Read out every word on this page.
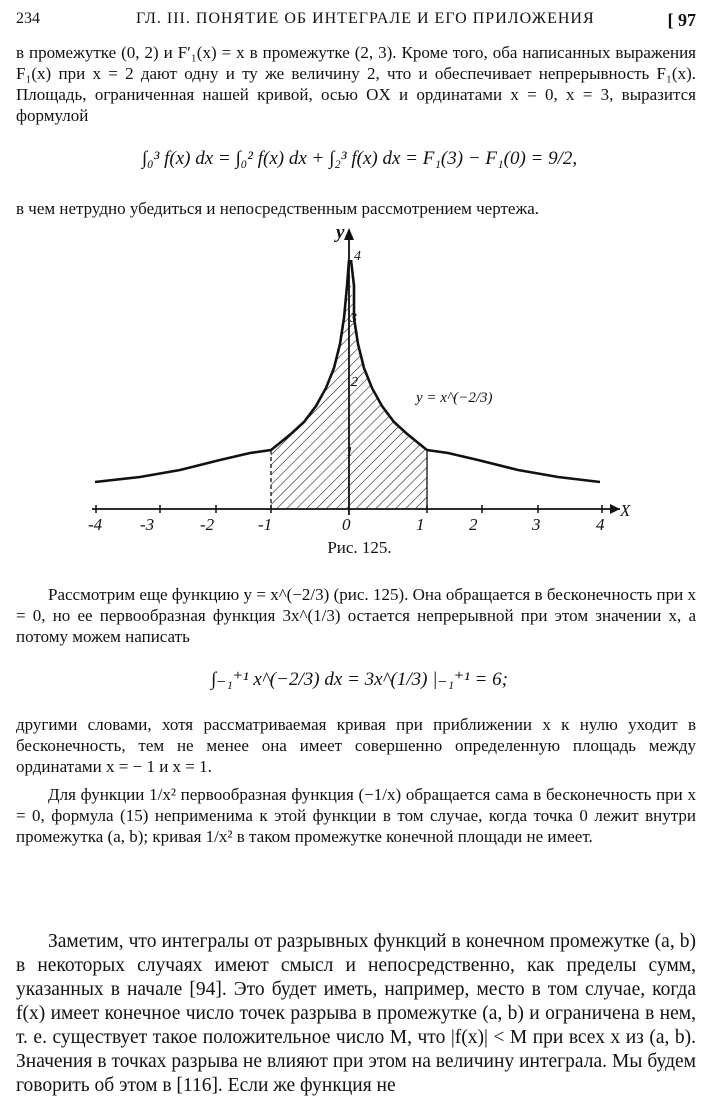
234	ГЛ. III. ПОНЯТИЕ ОБ ИНТЕГРАЛЕ И ЕГО ПРИЛОЖЕНИЯ	[ 97

в промежутке (0, 2) и F′₁(x) = x в промежутке (2, 3). Кроме того, оба написанных выражения F₁(x) при x = 2 дают одну и ту же величину 2, что и обеспечивает непрерывность F₁(x). Площадь, ограниченная нашей кривой, осью OX и ординатами x = 0, x = 3, выразится формулой

∫₀³ f(x) dx = ∫₀² f(x) dx + ∫₂³ f(x) dx = F₁(3) − F₁(0) = 9/2,

в чем нетрудно убедиться и непосредственным рассмотрением чертежа.

-4 -3	-2	-1	0	1	2	3	4
1
2
3
4
y
X
y = x^(−2/3)
Рис. 125.

Рассмотрим еще функцию y = x^(−2/3) (рис. 125). Она обращается в бесконечность при x = 0, но ее первообразная функция 3x^(1/3) остается непрерывной при этом значении x, а потому можем написать

∫₋₁⁺¹ x^(−2/3) dx = 3x^(1/3) |₋₁⁺¹ = 6;

другими словами, хотя рассматриваемая кривая при приближении x к нулю уходит в бесконечность, тем не менее она имеет совершенно определенную площадь между ординатами x = − 1 и x = 1.

Для функции 1/x² первообразная функция (−1/x) обращается сама в бесконечность при x = 0, формула (15) неприменима к этой функции в том случае, когда точка 0 лежит внутри промежутка (a, b); кривая 1/x² в таком промежутке конечной площади не имеет.

Заметим, что интегралы от разрывных функций в конечном промежутке (a, b) в некоторых случаях имеют смысл и непосредственно, как пределы сумм, указанных в начале [94]. Это будет иметь, например, место в том случае, когда f(x) имеет конечное число точек разрыва в промежутке (a, b) и ограничена в нем, т. е. существует такое положительное число M, что |f(x)| < M при всех x из (a, b). Значения в точках разрыва не влияют при этом на величину интеграла. Мы будем говорить об этом в [116]. Если же функция не
